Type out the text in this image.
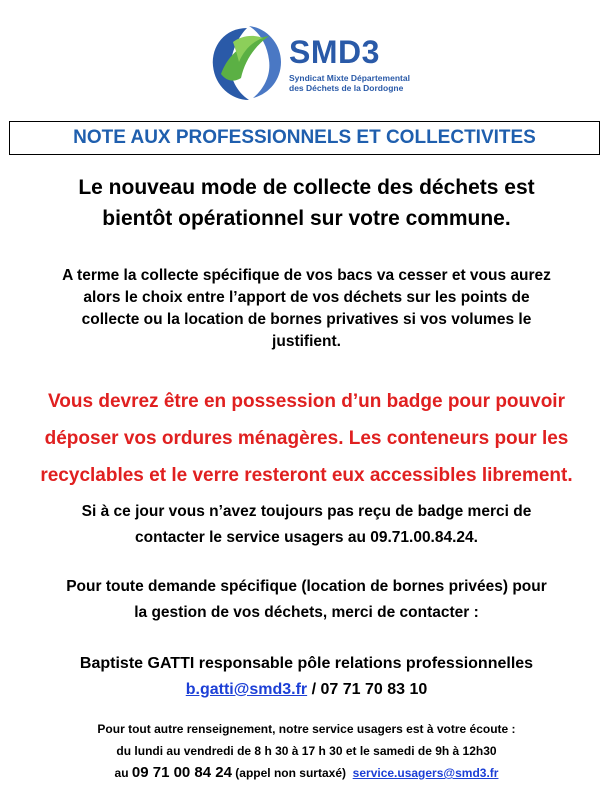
SMD3
Syndicat Mixte Départemental
des Déchets de la Dordogne
NOTE AUX PROFESSIONNELS ET COLLECTIVITES
Le nouveau mode de collecte des déchets est
bientôt opérationnel sur votre commune.
A terme la collecte spécifique de vos bacs va cesser et vous aurez
alors le choix entre l’apport de vos déchets sur les points de
collecte ou la location de bornes privatives si vos volumes le
justifient.
Vous devrez être en possession d’un badge pour pouvoir
déposer vos ordures ménagères. Les conteneurs pour les
recyclables et le verre resteront eux accessibles librement.
Si à ce jour vous n’avez toujours pas reçu de badge merci de
contacter le service usagers au 09.71.00.84.24.
Pour toute demande spécifique (location de bornes privées) pour
la gestion de vos déchets, merci de contacter :
Baptiste GATTI responsable pôle relations professionnelles
b.gatti@smd3.fr / 07 71 70 83 10
Pour tout autre renseignement, notre service usagers est à votre écoute :
du lundi au vendredi de 8 h 30 à 17 h 30 et le samedi de 9h à 12h30
au 09 71 00 84 24 (appel non surtaxé) service.usagers@smd3.fr
